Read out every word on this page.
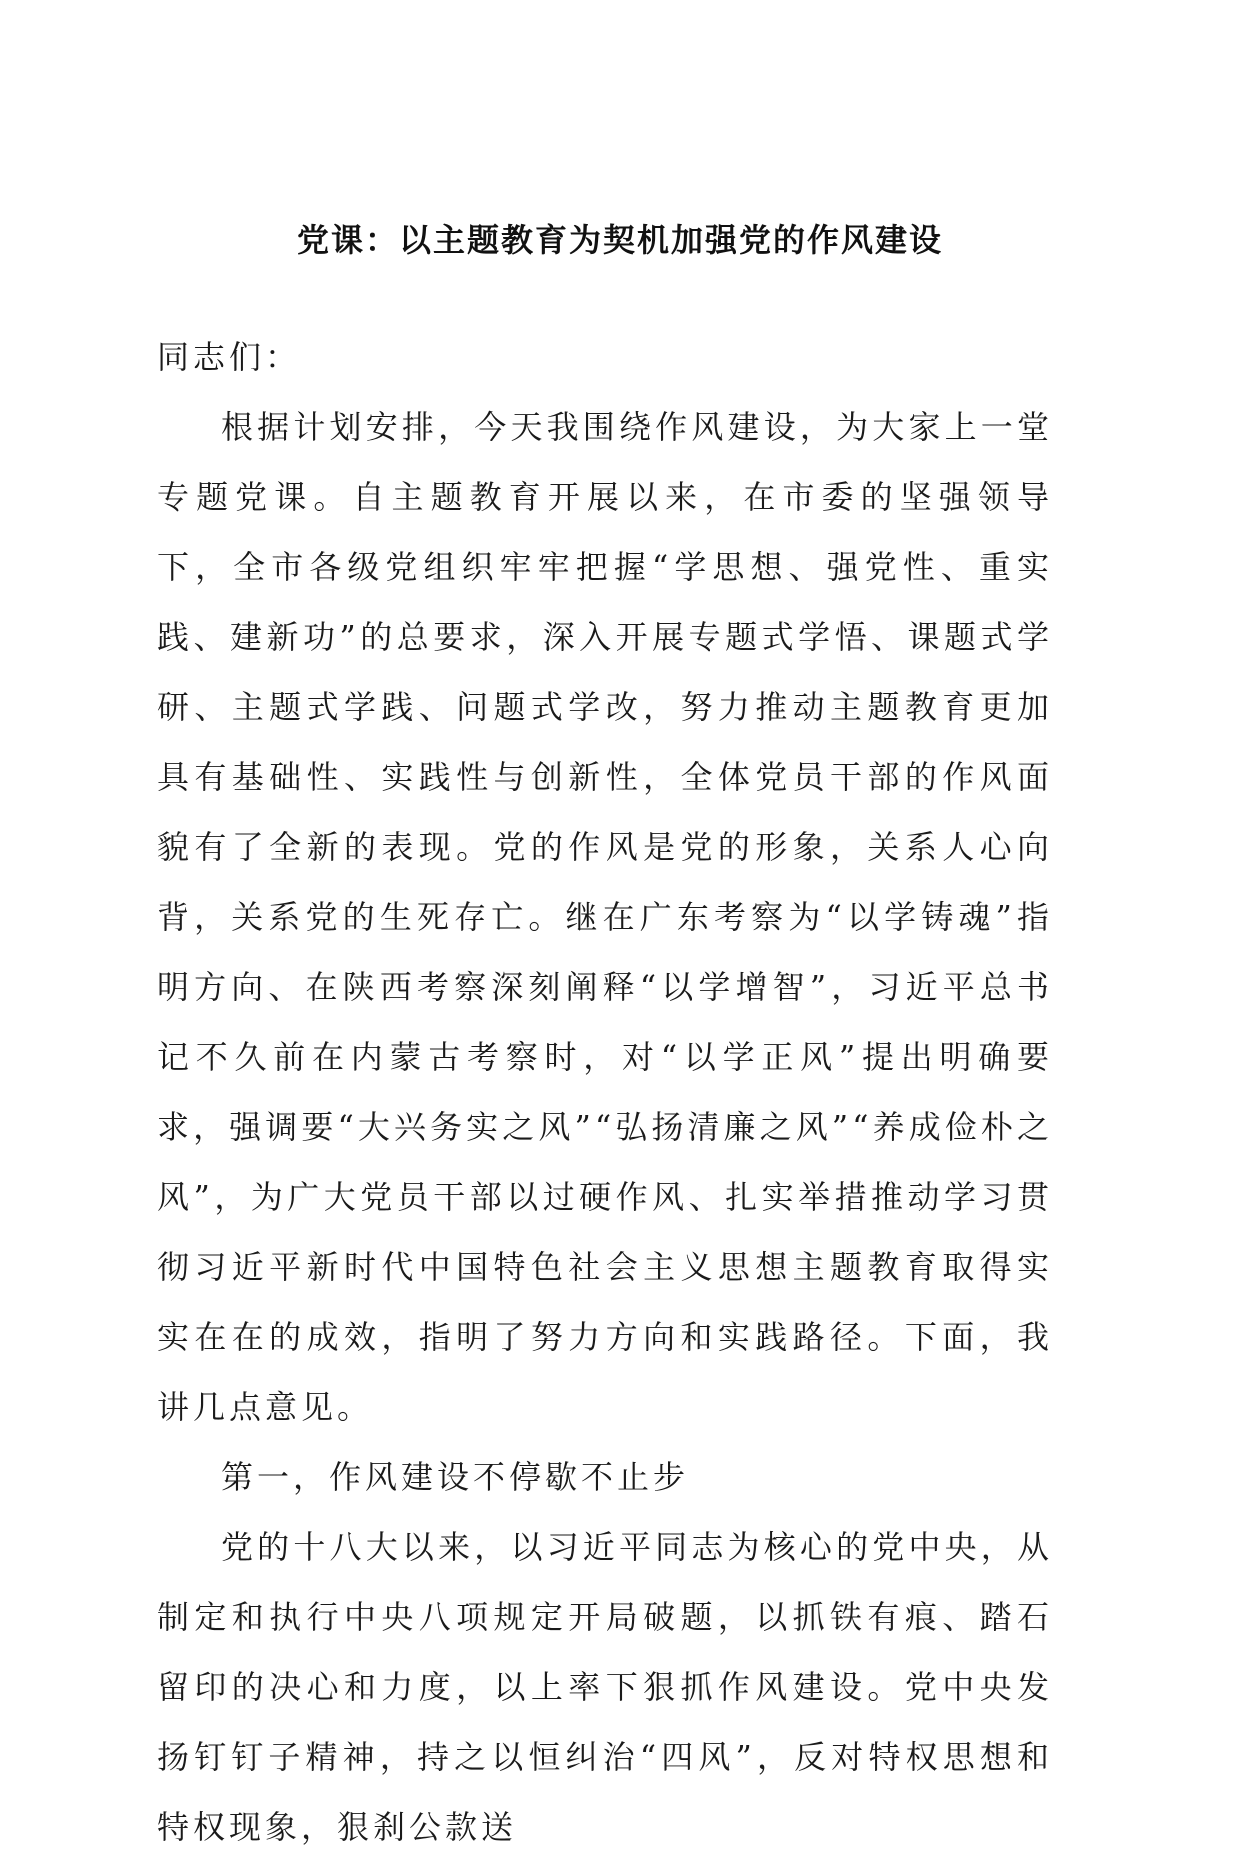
党课：以主题教育为契机加强党的作风建设

同志们：

根据计划安排，今天我围绕作风建设，为大家上一堂专题党课。自主题教育开展以来，在市委的坚强领导下，全市各级党组织牢牢把握“学思想、强党性、重实践、建新功”的总要求，深入开展专题式学悟、课题式学研、主题式学践、问题式学改，努力推动主题教育更加具有基础性、实践性与创新性，全体党员干部的作风面貌有了全新的表现。党的作风是党的形象，关系人心向背，关系党的生死存亡。继在广东考察为“以学铸魂”指明方向、在陕西考察深刻阐释“以学增智”，习近平总书记不久前在内蒙古考察时，对“以学正风”提出明确要求，强调要“大兴务实之风”“弘扬清廉之风”“养成俭朴之风”，为广大党员干部以过硬作风、扎实举措推动学习贯彻习近平新时代中国特色社会主义思想主题教育取得实实在在的成效，指明了努力方向和实践路径。下面，我讲几点意见。

第一，作风建设不停歇不止步

党的十八大以来，以习近平同志为核心的党中央，从制定和执行中央八项规定开局破题，以抓铁有痕、踏石留印的决心和力度，以上率下狠抓作风建设。党中央发扬钉钉子精神，持之以恒纠治“四风”，反对特权思想和特权现象，狠刹公款送
